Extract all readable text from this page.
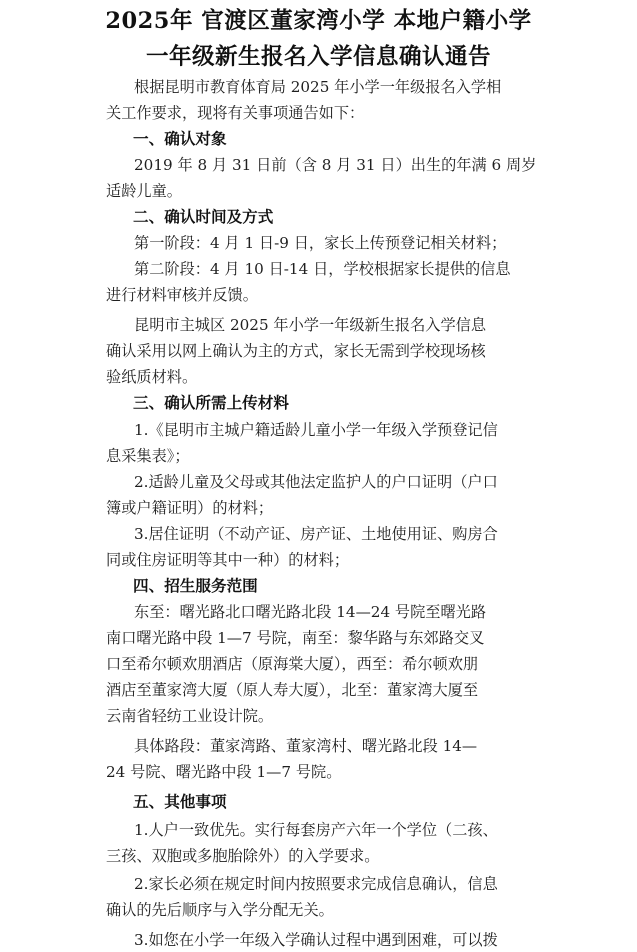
2025年 官渡区董家湾小学 本地户籍小学
一年级新生报名入学信息确认通告
根据昆明市教育体育局 2025 年小学一年级报名入学相
关工作要求，现将有关事项通告如下：
一、确认对象
2019 年 8 月 31 日前（含 8 月 31 日）出生的年满 6 周岁
适龄儿童。
二、确认时间及方式
第一阶段：4 月 1 日-9 日，家长上传预登记相关材料；
第二阶段：4 月 10 日-14 日，学校根据家长提供的信息
进行材料审核并反馈。
昆明市主城区 2025 年小学一年级新生报名入学信息
确认采用以网上确认为主的方式，家长无需到学校现场核
验纸质材料。
三、确认所需上传材料
1.《昆明市主城户籍适龄儿童小学一年级入学预登记信
息采集表》；
2.适龄儿童及父母或其他法定监护人的户口证明（户口
簿或户籍证明）的材料；
3.居住证明（不动产证、房产证、土地使用证、购房合
同或住房证明等其中一种）的材料；
四、招生服务范围
东至：曙光路北口曙光路北段 14—24 号院至曙光路
南口曙光路中段 1—7 号院，南至：黎华路与东郊路交叉
口至希尔顿欢朋酒店（原海棠大厦），西至：希尔顿欢朋
酒店至董家湾大厦（原人寿大厦），北至：董家湾大厦至
云南省轻纺工业设计院。
具体路段：董家湾路、董家湾村、曙光路北段 14—
24 号院、曙光路中段 1—7 号院。
五、其他事项
1.人户一致优先。实行每套房产六年一个学位（二孩、
三孩、双胞或多胞胎除外）的入学要求。
2.家长必须在规定时间内按照要求完成信息确认，信息
确认的先后顺序与入学分配无关。
3.如您在小学一年级入学确认过程中遇到困难，可以拨
